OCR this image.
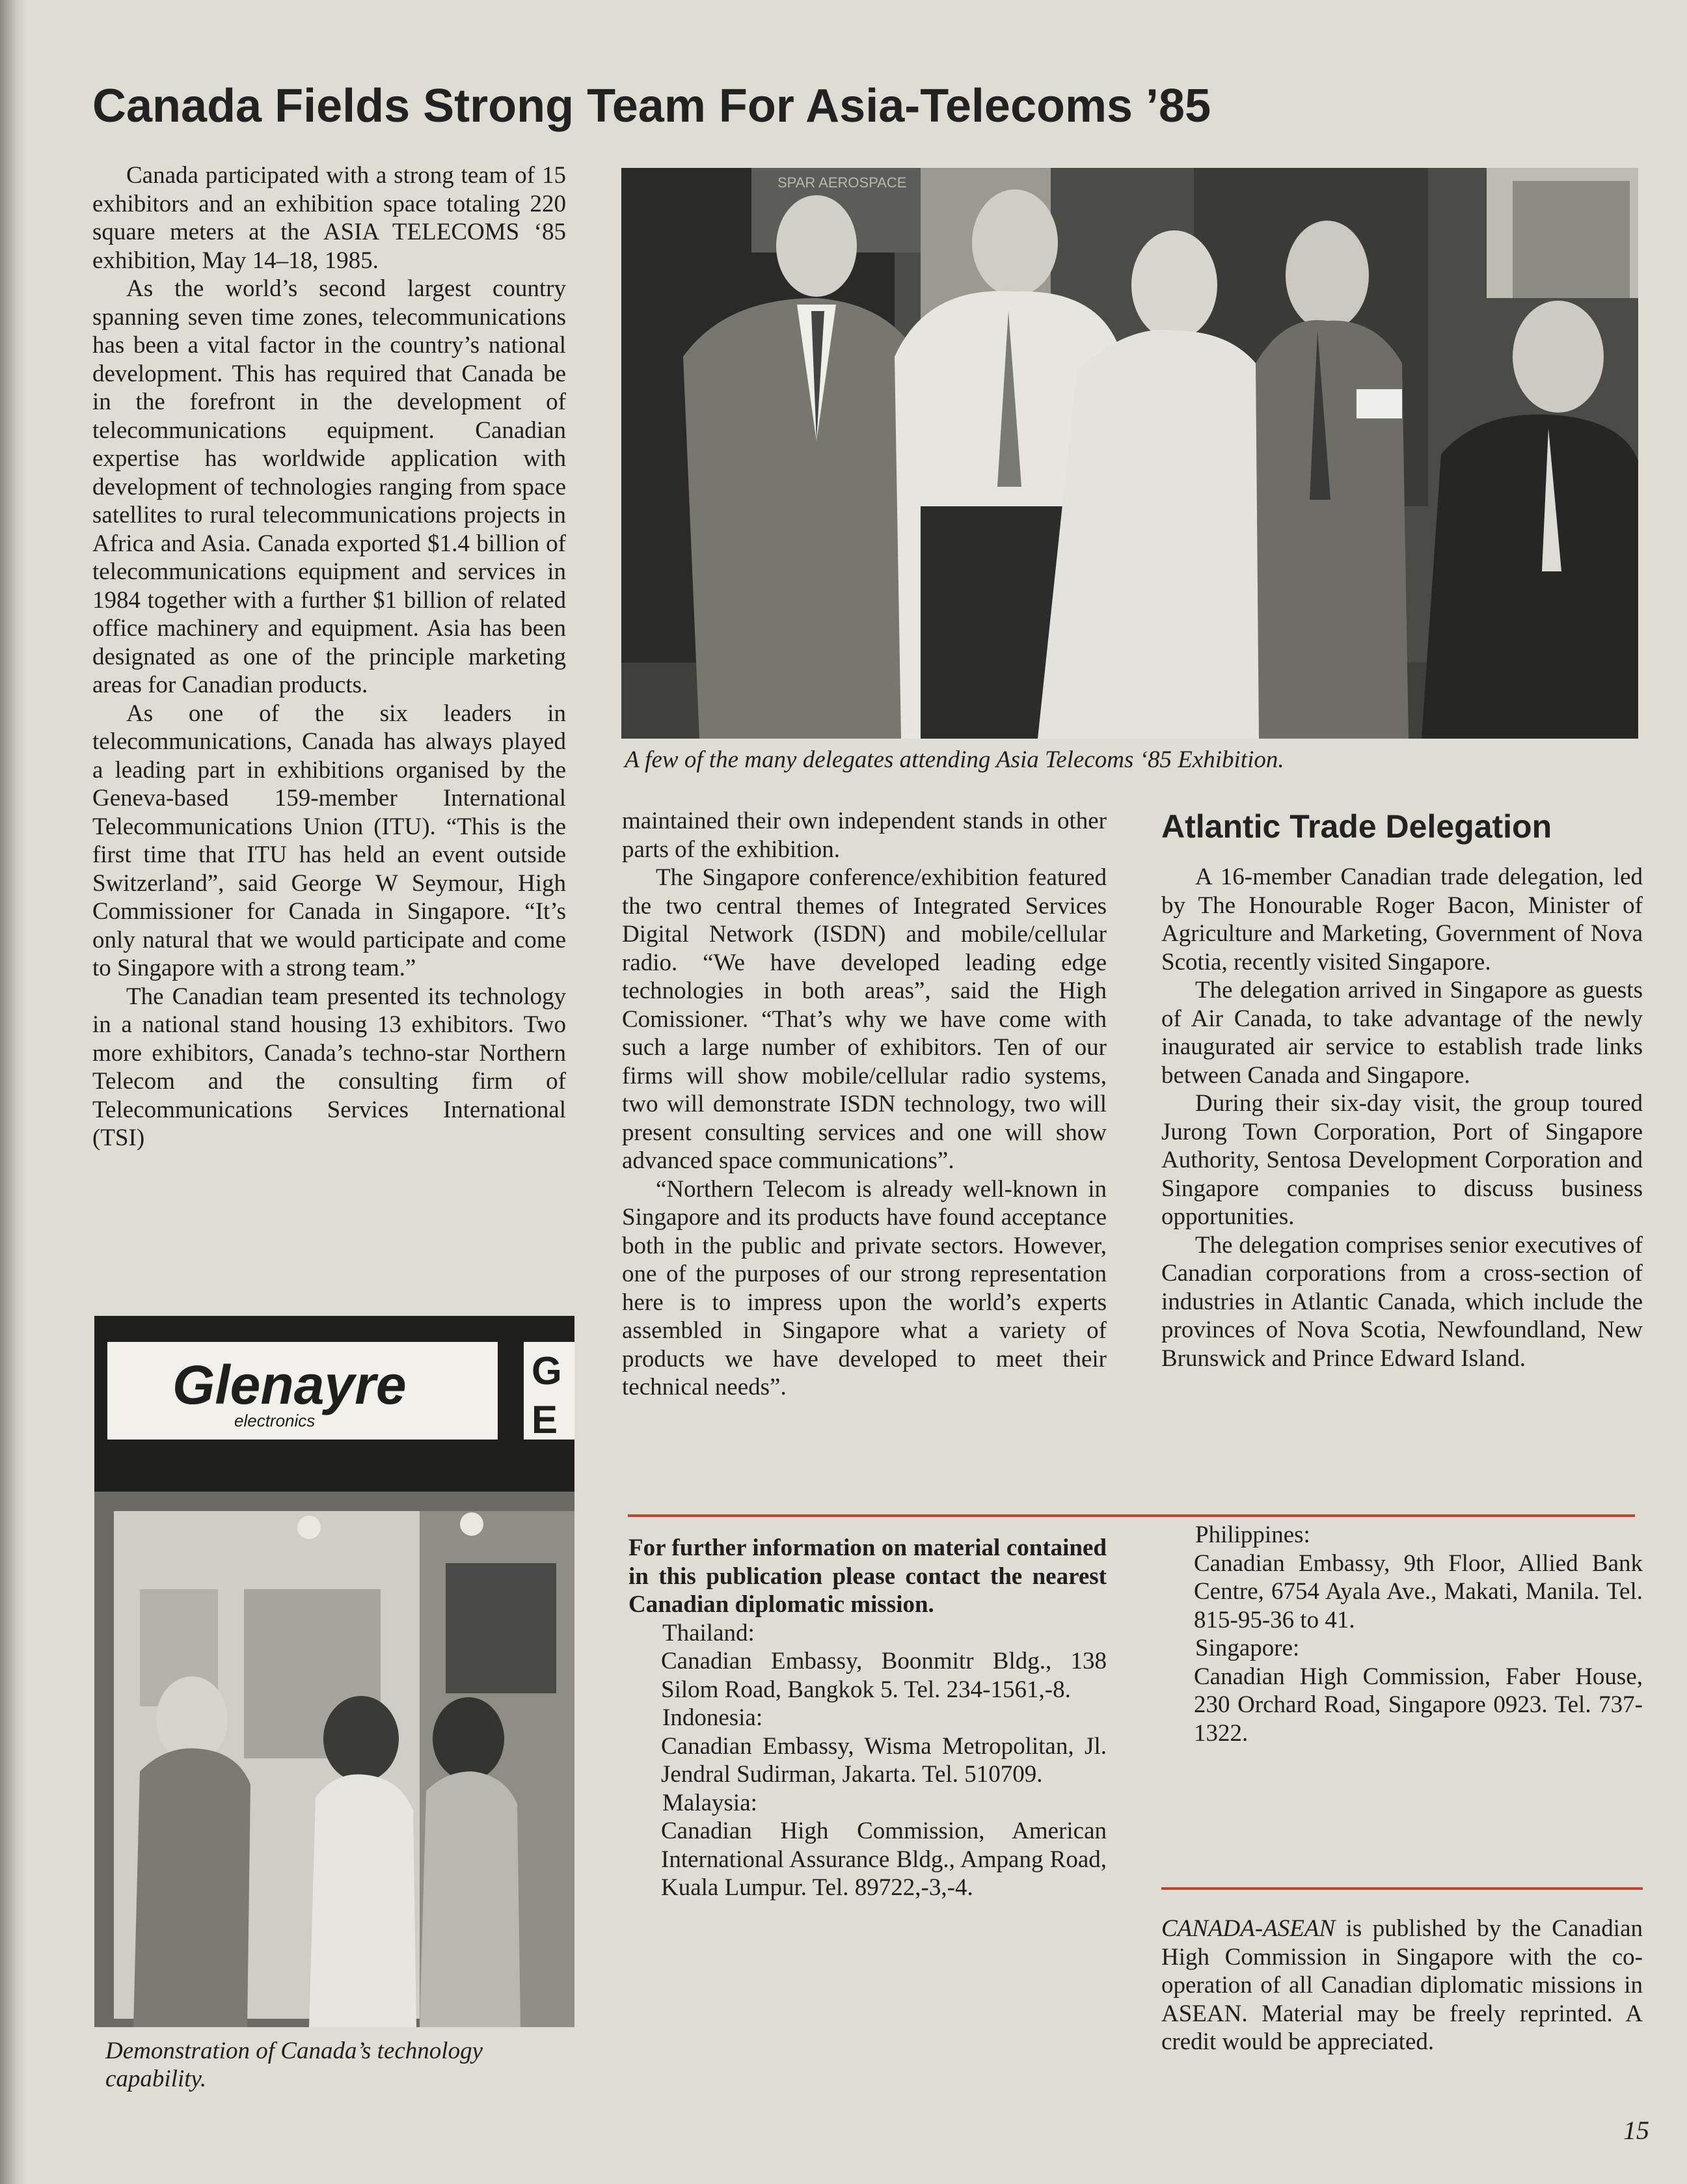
Canada Fields Strong Team For Asia-Telecoms ’85

Canada participated with a strong team of 15 exhibitors and an exhibition space totaling 220 square meters at the ASIA TELECOMS ‘85 exhibition, May 14–18, 1985.

As the world’s second largest country spanning seven time zones, telecommunications has been a vital factor in the country’s national development. This has required that Canada be in the forefront in the development of telecommunications equipment. Canadian expertise has worldwide application with development of technologies ranging from space satellites to rural telecommunications projects in Africa and Asia. Canada exported $1.4 billion of telecommunications equipment and services in 1984 together with a further $1 billion of related office machinery and equipment. Asia has been designated as one of the principle marketing areas for Canadian products.

As one of the six leaders in telecommunications, Canada has always played a leading part in exhibitions organised by the Geneva-based 159-member International Telecommunications Union (ITU). “This is the first time that ITU has held an event outside Switzerland”, said George W Seymour, High Commissioner for Canada in Singapore. “It’s only natural that we would participate and come to Singapore with a strong team.”

The Canadian team presented its technology in a national stand housing 13 exhibitors. Two more exhibitors, Canada’s techno-star Northern Telecom and the consulting firm of Telecommunications Services International (TSI)

SPAR AEROSPACE
A few of the many delegates attending Asia Telecoms ‘85 Exhibition.

maintained their own independent stands in other parts of the exhibition.

The Singapore conference/exhibition featured the two central themes of Integrated Services Digital Network (ISDN) and mobile/cellular radio. “We have developed leading edge technologies in both areas”, said the High Comissioner. “That’s why we have come with such a large number of exhibitors. Ten of our firms will show mobile/cellular radio systems, two will demonstrate ISDN technology, two will present consulting services and one will show advanced space communications”.

“Northern Telecom is already well-known in Singapore and its products have found acceptance both in the public and private sectors. However, one of the purposes of our strong representation here is to impress upon the world’s experts assembled in Singapore what a variety of products we have developed to meet their technical needs”.

Atlantic Trade Delegation

A 16-member Canadian trade delegation, led by The Honourable Roger Bacon, Minister of Agriculture and Marketing, Government of Nova Scotia, recently visited Singapore.

The delegation arrived in Singapore as guests of Air Canada, to take advantage of the newly inaugurated air service to establish trade links between Canada and Singapore.

During their six-day visit, the group toured Jurong Town Corporation, Port of Singapore Authority, Sentosa Development Corporation and Singapore companies to discuss business opportunities.

The delegation comprises senior executives of Canadian corporations from a cross-section of industries in Atlantic Canada, which include the provinces of Nova Scotia, Newfoundland, New Brunswick and Prince Edward Island.

Glenayre
electronics
G
E
Demonstration of Canada’s technology capability.

For further information on material contained in this publication please contact the nearest Canadian diplomatic mission.

Thailand:

Canadian Embassy, Boonmitr Bldg., 138 Silom Road, Bangkok 5. Tel. 234-1561,-8.

Indonesia:

Canadian Embassy, Wisma Metropolitan, Jl. Jendral Sudirman, Jakarta. Tel. 510709.

Malaysia:

Canadian High Commission, American International Assurance Bldg., Ampang Road, Kuala Lumpur. Tel. 89722,-3,-4.

Philippines:

Canadian Embassy, 9th Floor, Allied Bank Centre, 6754 Ayala Ave., Makati, Manila. Tel. 815-95-36 to 41.

Singapore:

Canadian High Commission, Faber House, 230 Orchard Road, Singapore 0923. Tel. 737-1322.

CANADA-ASEAN is published by the Canadian High Commission in Singapore with the co-operation of all Canadian diplomatic missions in ASEAN. Material may be freely reprinted. A credit would be appreciated.

15
